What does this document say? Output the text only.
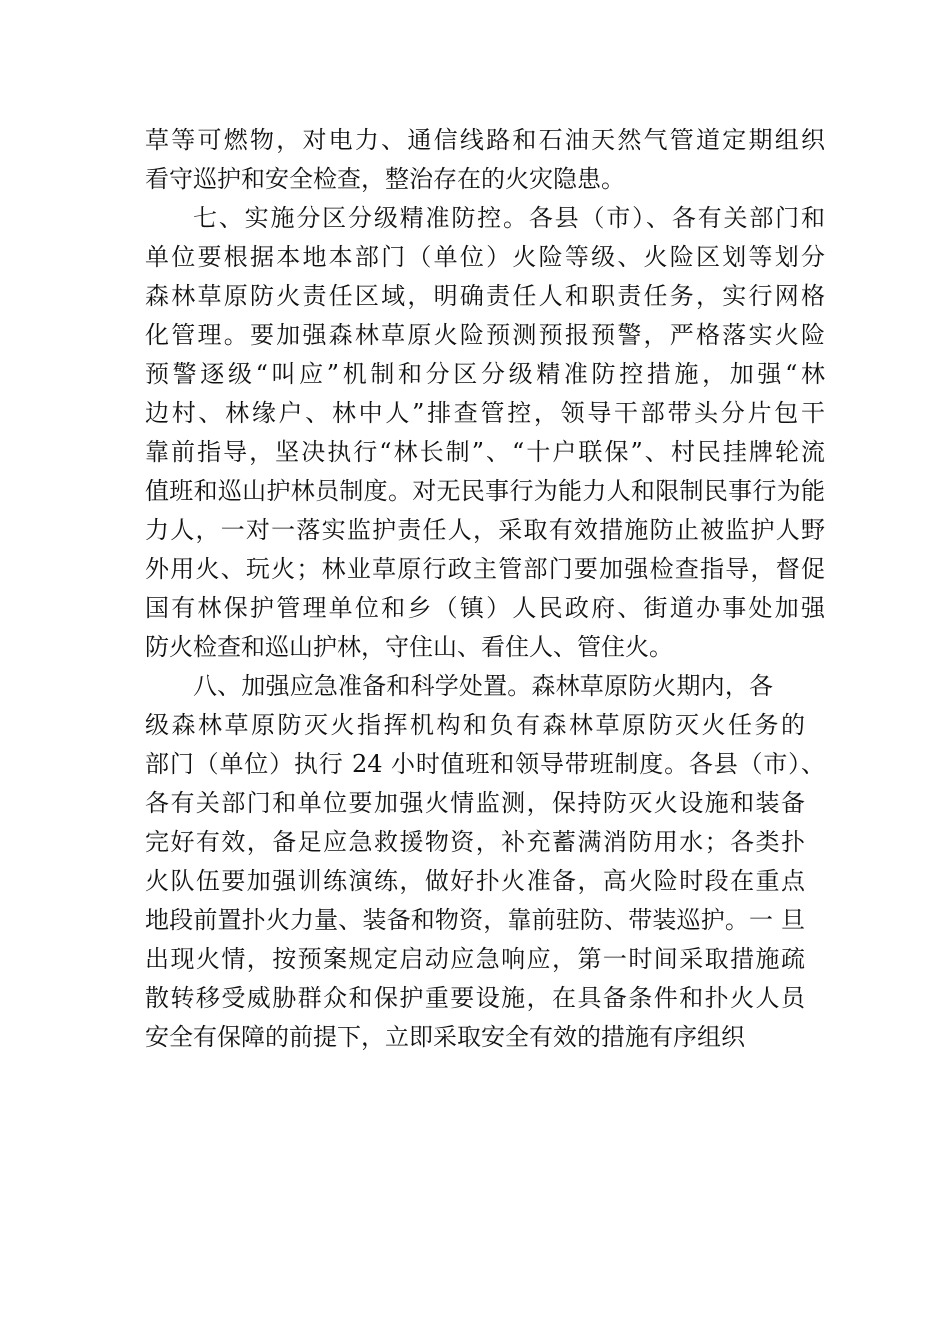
草等可燃物，对电力、通信线路和石油天然气管道定期组织
看守巡护和安全检查，整治存在的火灾隐患。
七、实施分区分级精准防控。各县（市）、各有关部门和
单位要根据本地本部门（单位）火险等级、火险区划等划分
森林草原防火责任区域，明确责任人和职责任务，实行网格
化管理。要加强森林草原火险预测预报预警，严格落实火险
预警逐级“叫应”机制和分区分级精准防控措施，加强“林
边村、林缘户、林中人”排查管控，领导干部带头分片包干
靠前指导，坚决执行“林长制”、“十户联保”、村民挂牌轮流
值班和巡山护林员制度。对无民事行为能力人和限制民事行为能
力人，一对一落实监护责任人，采取有效措施防止被监护人野
外用火、玩火；林业草原行政主管部门要加强检查指导，督促
国有林保护管理单位和乡（镇）人民政府、街道办事处加强
防火检查和巡山护林，守住山、看住人、管住火。
八、加强应急准备和科学处置。森林草原防火期内，各
级森林草原防灭火指挥机构和负有森林草原防灭火任务的
部门（单位）执行 24 小时值班和领导带班制度。各县（市）、
各有关部门和单位要加强火情监测，保持防灭火设施和装备
完好有效，备足应急救援物资，补充蓄满消防用水；各类扑
火队伍要加强训练演练，做好扑火准备，高火险时段在重点
地段前置扑火力量、装备和物资，靠前驻防、带装巡护。一 旦
出现火情，按预案规定启动应急响应，第一时间采取措施疏
散转移受威胁群众和保护重要设施，在具备条件和扑火人员
安全有保障的前提下，立即采取安全有效的措施有序组织
